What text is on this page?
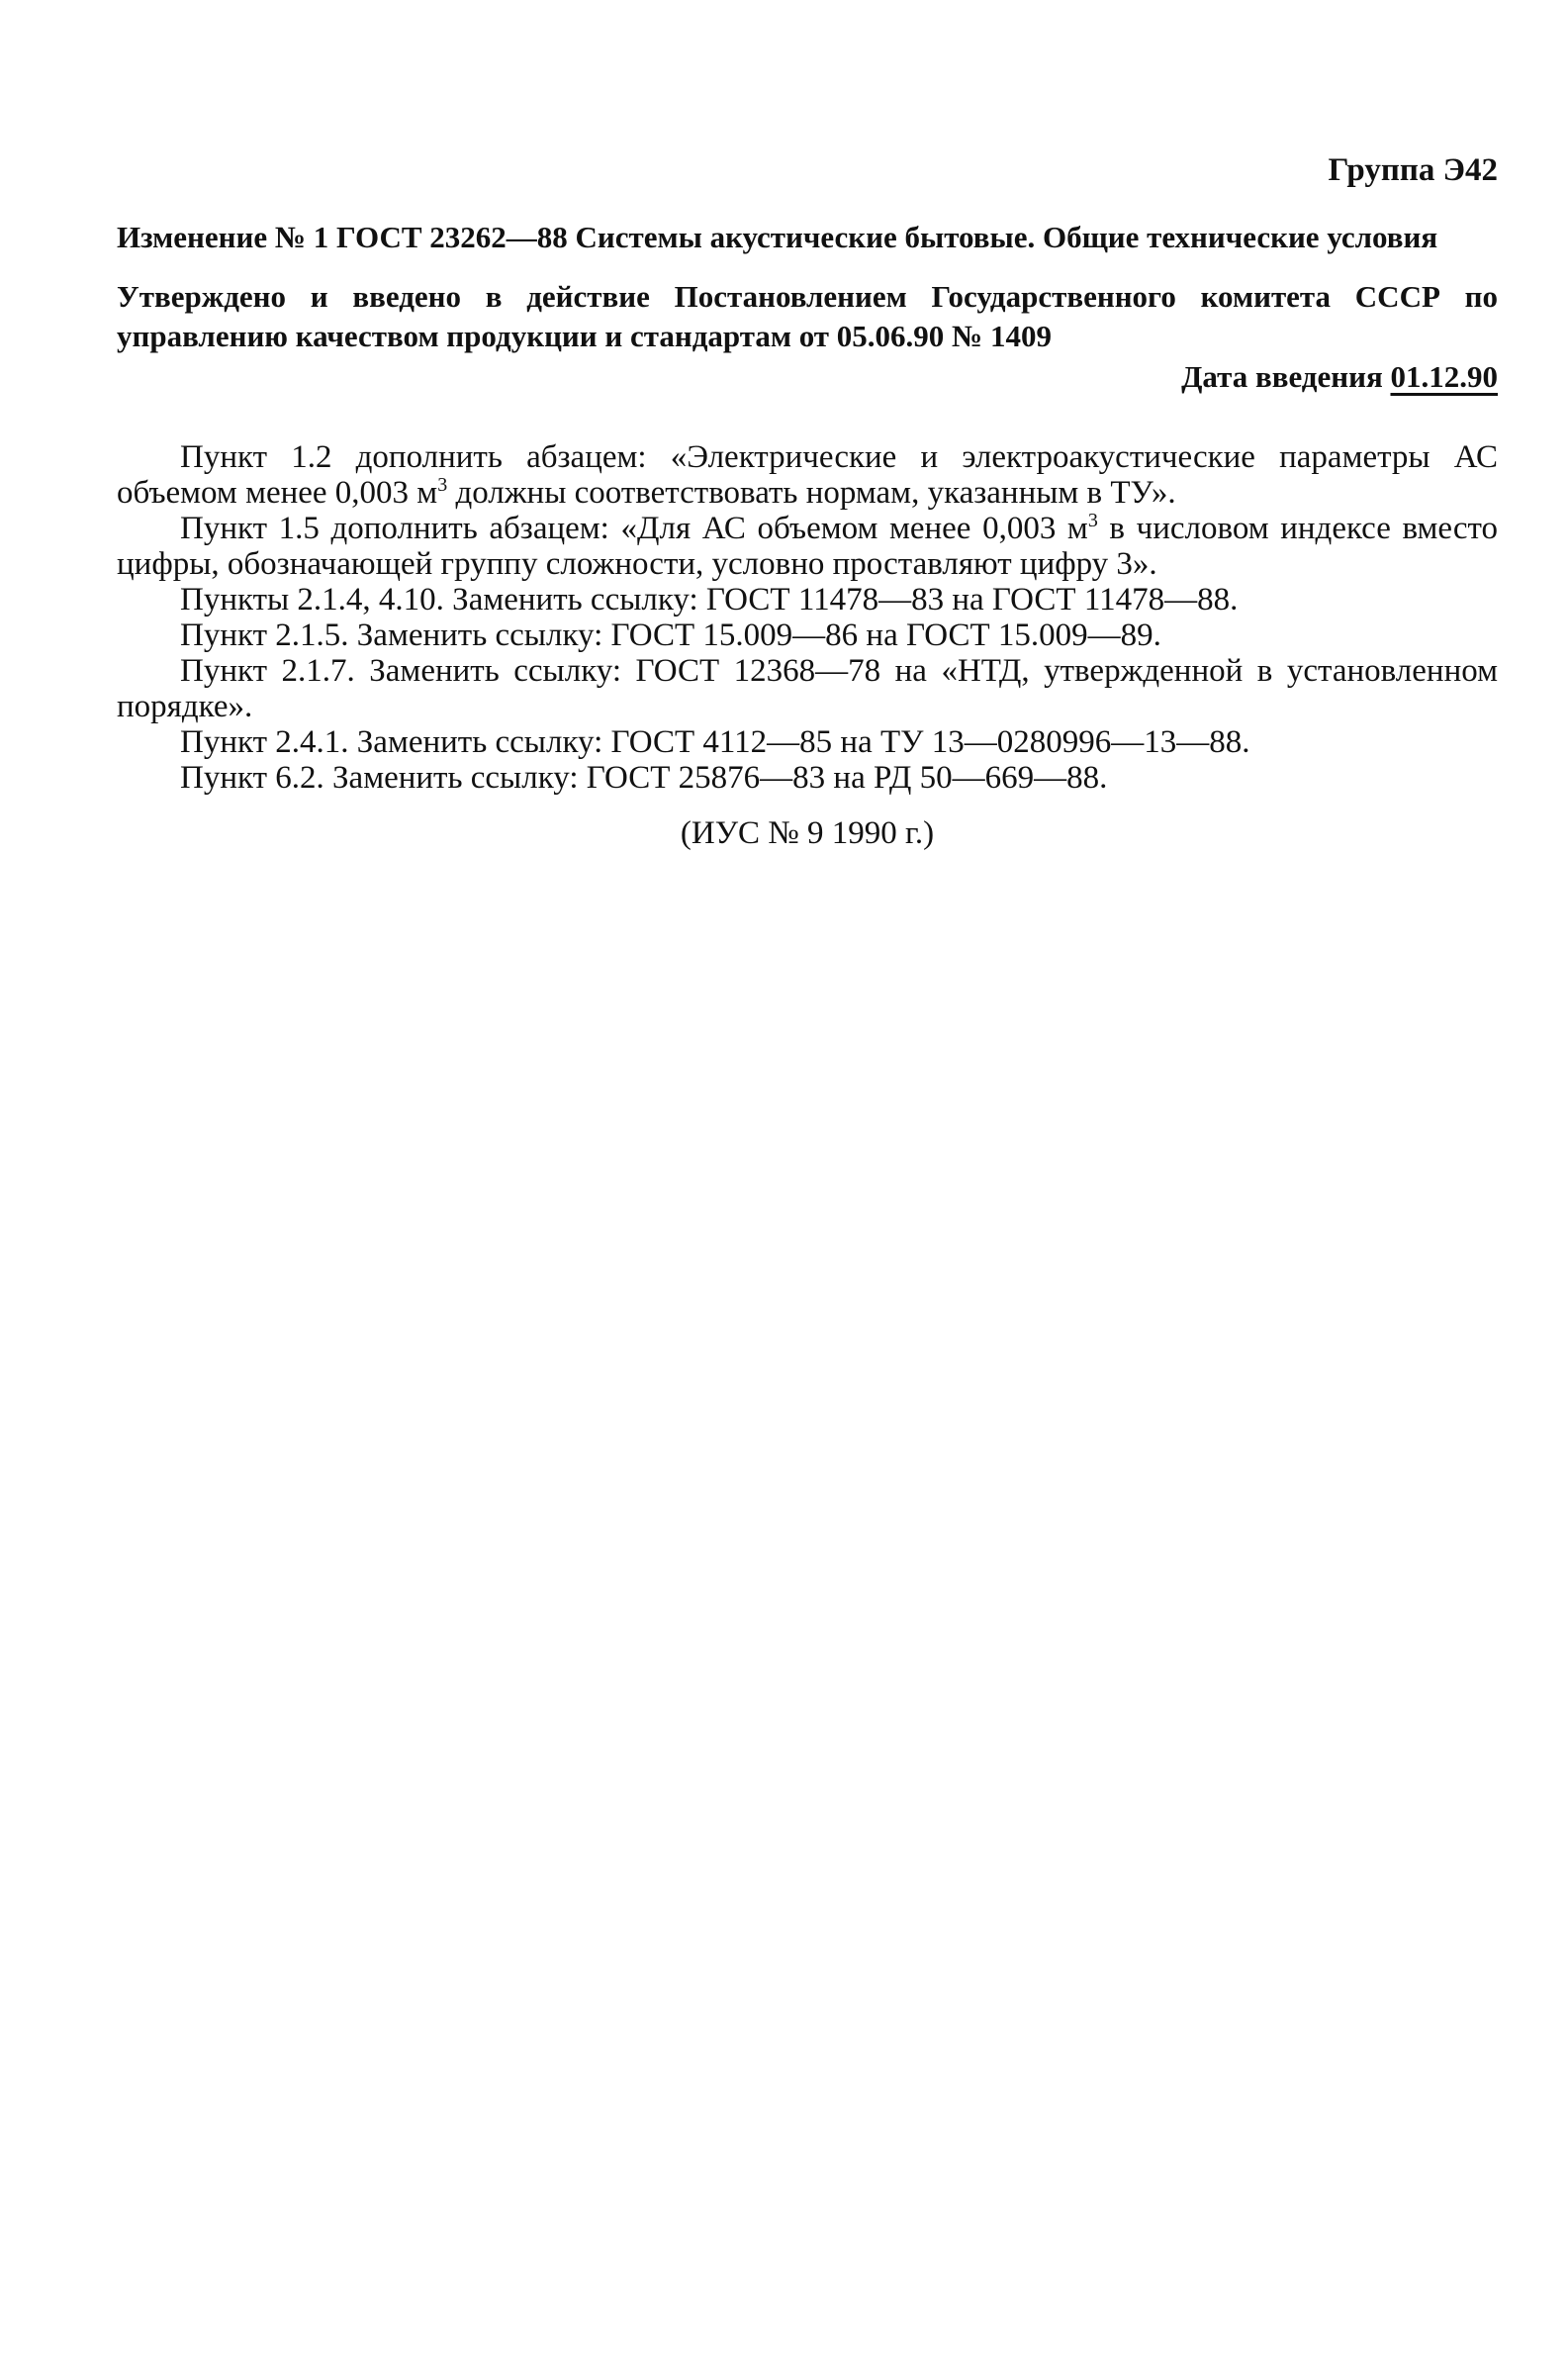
Группа Э42
Изменение № 1 ГОСТ 23262—88 Системы акустические бытовые. Общие технические условия
Утверждено и введено в действие Постановлением Государственного комитета СССР по управлению качеством продукции и стандартам от 05.06.90 № 1409
Дата введения 01.12.90

Пункт 1.2 дополнить абзацем: «Электрические и электроакустические параметры АС объемом менее 0,003 $м^3$ должны соответствовать нормам, указанным в ТУ».

Пункт 1.5 дополнить абзацем: «Для АС объемом менее 0,003 $м^3$ в числовом индексе вместо цифры, обозначающей группу сложности, условно проставляют цифру 3».

Пункты 2.1.4, 4.10. Заменить ссылку: ГОСТ 11478—83 на ГОСТ 11478—88.

Пункт 2.1.5. Заменить ссылку: ГОСТ 15.009—86 на ГОСТ 15.009—89.

Пункт 2.1.7. Заменить ссылку: ГОСТ 12368—78 на «НТД, утвержденной в установленном порядке».

Пункт 2.4.1. Заменить ссылку: ГОСТ 4112—85 на ТУ 13—0280996—13—88.

Пункт 6.2. Заменить ссылку: ГОСТ 25876—83 на РД 50—669—88.

(ИУС № 9 1990 г.)
